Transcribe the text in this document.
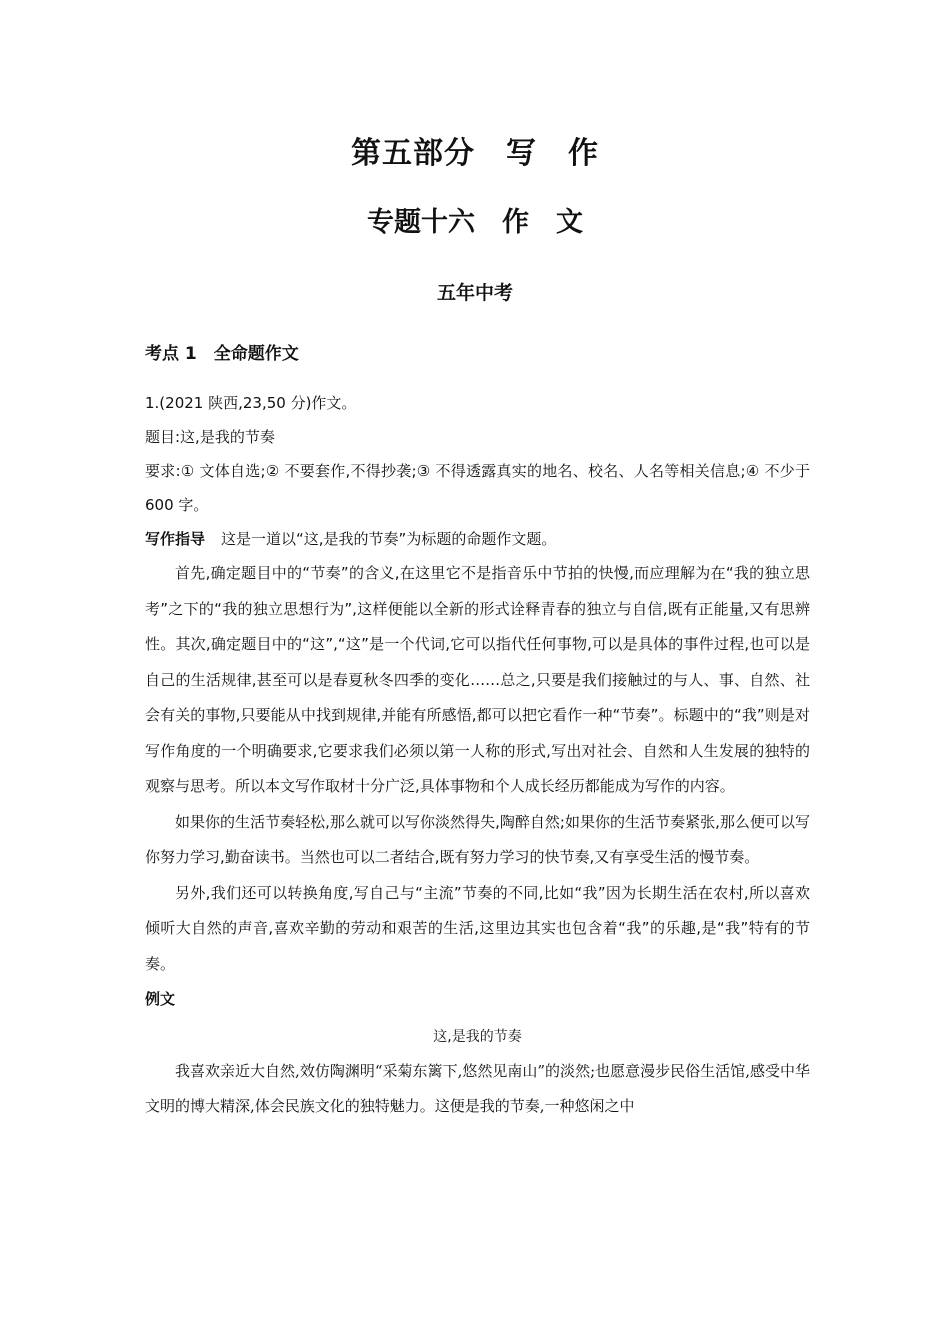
第五部分　写　作
专题十六　作　文
五年中考

考点 1　全命题作文

1.(2021 陕西,23,50 分)作文。

题目:这,是我的节奏

要求:① 文体自选;② 不要套作,不得抄袭;③ 不得透露真实的地名、校名、人名等相关信息;④ 不少于 600 字。

写作指导 这是一道以“这,是我的节奏”为标题的命题作文题。

首先,确定题目中的“节奏”的含义,在这里它不是指音乐中节拍的快慢,而应理解为在“我的独立思考”之下的“我的独立思想行为”,这样便能以全新的形式诠释青春的独立与自信,既有正能量,又有思辨性。其次,确定题目中的“这”,“这”是一个代词,它可以指代任何事物,可以是具体的事件过程,也可以是自己的生活规律,甚至可以是春夏秋冬四季的变化……总之,只要是我们接触过的与人、事、自然、社会有关的事物,只要能从中找到规律,并能有所感悟,都可以把它看作一种“节奏”。标题中的“我”则是对写作角度的一个明确要求,它要求我们必须以第一人称的形式,写出对社会、自然和人生发展的独特的观察与思考。所以本文写作取材十分广泛,具体事物和个人成长经历都能成为写作的内容。

如果你的生活节奏轻松,那么就可以写你淡然得失,陶醉自然;如果你的生活节奏紧张,那么便可以写你努力学习,勤奋读书。当然也可以二者结合,既有努力学习的快节奏,又有享受生活的慢节奏。

另外,我们还可以转换角度,写自己与“主流”节奏的不同,比如“我”因为长期生活在农村,所以喜欢倾听大自然的声音,喜欢辛勤的劳动和艰苦的生活,这里边其实也包含着“我”的乐趣,是“我”特有的节奏。

例文

这,是我的节奏

我喜欢亲近大自然,效仿陶渊明“采菊东篱下,悠然见南山”的淡然;也愿意漫步民俗生活馆,感受中华文明的博大精深,体会民族文化的独特魅力。这便是我的节奏,一种悠闲之中
